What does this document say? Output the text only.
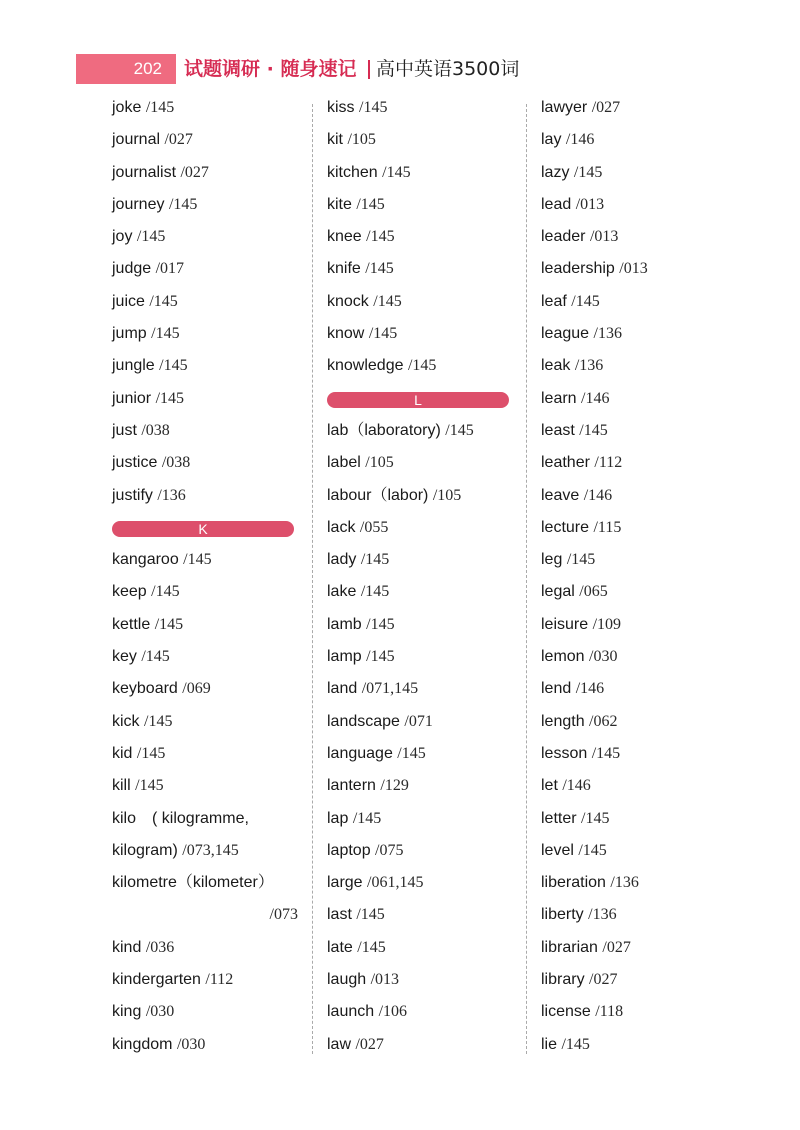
202	试题调研 · 随身速记 高中英语3500词
joke /145
journal /027
journalist /027
journey /145
joy /145
judge /017
juice /145
jump /145
jungle /145
junior /145
just /038
justice /038
justify /136
K
kangaroo /145
keep /145
kettle /145
key /145
keyboard /069
kick /145
kid /145
kill /145
kilo　( kilogramme,
kilogram) /073,145
kilometre（kilometer）
/073
kind /036
kindergarten /112
king /030
kingdom /030
kiss /145
kit /105
kitchen /145
kite /145
knee /145
knife /145
knock /145
know /145
knowledge /145
L
lab（laboratory) /145
label /105
labour（labor) /105
lack /055
lady /145
lake /145
lamb /145
lamp /145
land /071,145
landscape /071
language /145
lantern /129
lap /145
laptop /075
large /061,145
last /145
late /145
laugh /013
launch /106
law /027
lawyer /027
lay /146
lazy /145
lead /013
leader /013
leadership /013
leaf /145
league /136
leak /136
learn /146
least /145
leather /112
leave /146
lecture /115
leg /145
legal /065
leisure /109
lemon /030
lend /146
length /062
lesson /145
let /146
letter /145
level /145
liberation /136
liberty /136
librarian /027
library /027
license /118
lie /145
